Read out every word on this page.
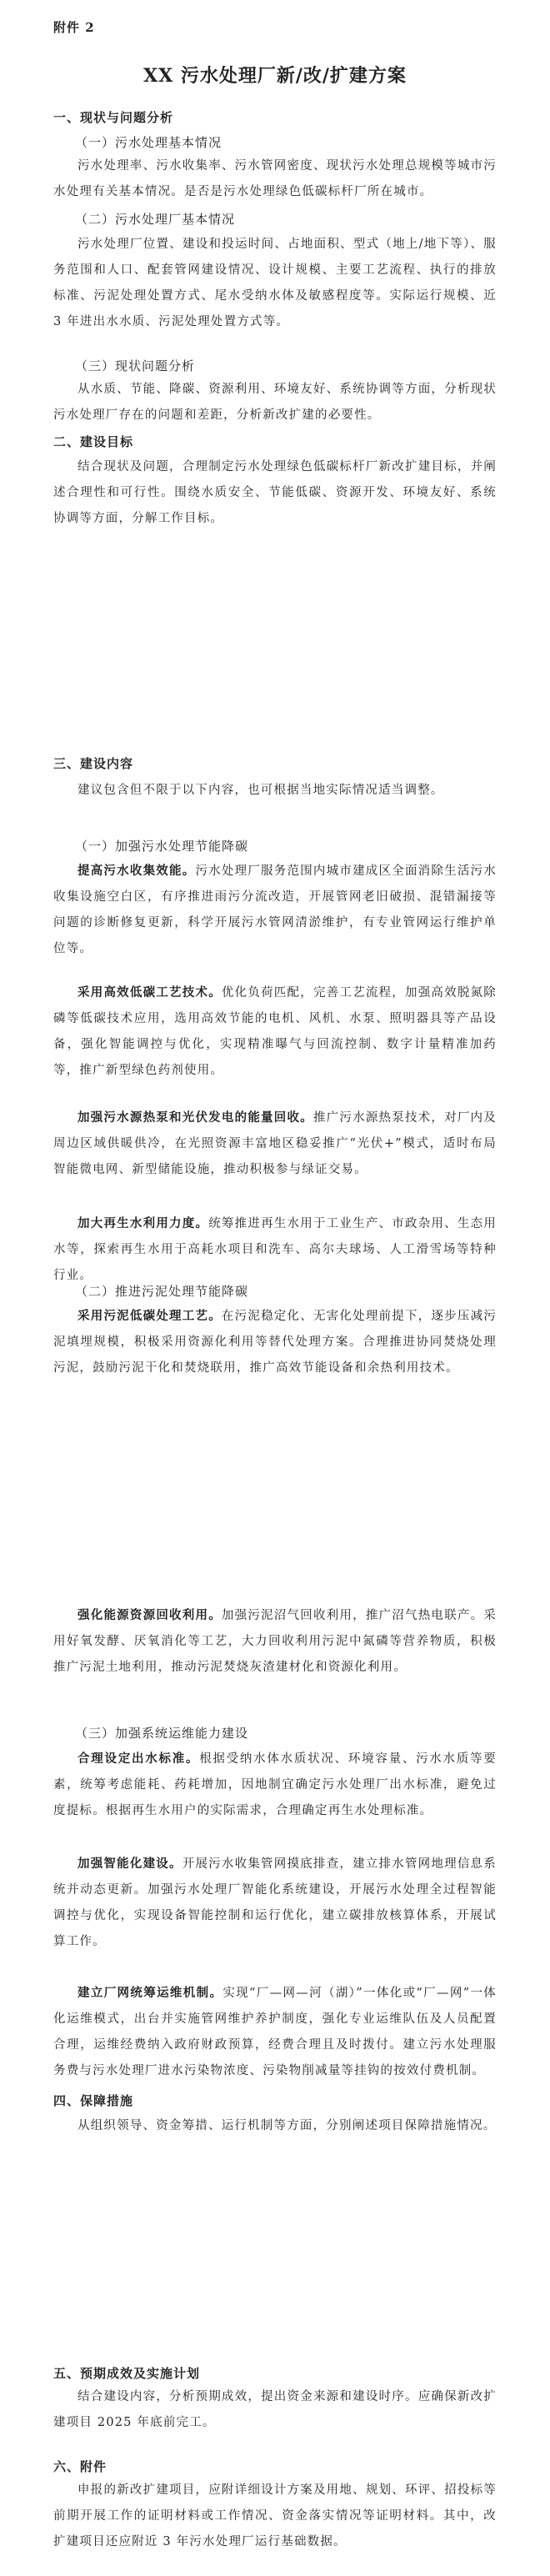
附件 2
XX 污水处理厂新/改/扩建方案
一、现状与问题分析
（一）污水处理基本情况
污水处理率、污水收集率、污水管网密度、现状污水处理总规模等城市污水处理有关基本情况。是否是污水处理绿色低碳标杆厂所在城市。
（二）污水处理厂基本情况
污水处理厂位置、建设和投运时间、占地面积、型式（地上/地下等）、服务范围和人口、配套管网建设情况、设计规模、主要工艺流程、执行的排放标准、污泥处理处置方式、尾水受纳水体及敏感程度等。实际运行规模、近 3 年进出水水质、污泥处理处置方式等。
（三）现状问题分析
从水质、节能、降碳、资源利用、环境友好、系统协调等方面，分析现状污水处理厂存在的问题和差距，分析新改扩建的必要性。
二、建设目标
结合现状及问题，合理制定污水处理绿色低碳标杆厂新改扩建目标，并阐述合理性和可行性。围绕水质安全、节能低碳、资源开发、环境友好、系统协调等方面，分解工作目标。
三、建设内容
建议包含但不限于以下内容，也可根据当地实际情况适当调整。
（一）加强污水处理节能降碳
提高污水收集效能。污水处理厂服务范围内城市建成区全面消除生活污水收集设施空白区，有序推进雨污分流改造，开展管网老旧破损、混错漏接等问题的诊断修复更新，科学开展污水管网清淤维护，有专业管网运行维护单位等。
采用高效低碳工艺技术。优化负荷匹配，完善工艺流程，加强高效脱氮除磷等低碳技术应用，选用高效节能的电机、风机、水泵、照明器具等产品设备，强化智能调控与优化，实现精准曝气与回流控制、数字计量精准加药等，推广新型绿色药剂使用。
加强污水源热泵和光伏发电的能量回收。推广污水源热泵技术，对厂内及周边区域供暖供冷，在光照资源丰富地区稳妥推广“光伏+”模式，适时布局智能微电网、新型储能设施，推动积极参与绿证交易。
加大再生水利用力度。统筹推进再生水用于工业生产、市政杂用、生态用水等，探索再生水用于高耗水项目和洗车、高尔夫球场、人工滑雪场等特种行业。
（二）推进污泥处理节能降碳
采用污泥低碳处理工艺。在污泥稳定化、无害化处理前提下，逐步压减污泥填埋规模，积极采用资源化利用等替代处理方案。合理推进协同焚烧处理污泥，鼓励污泥干化和焚烧联用，推广高效节能设备和余热利用技术。
强化能源资源回收利用。加强污泥沼气回收利用，推广沼气热电联产。采用好氧发酵、厌氧消化等工艺，大力回收利用污泥中氮磷等营养物质，积极推广污泥土地利用，推动污泥焚烧灰渣建材化和资源化利用。
（三）加强系统运维能力建设
合理设定出水标准。根据受纳水体水质状况、环境容量、污水水质等要素，统筹考虑能耗、药耗增加，因地制宜确定污水处理厂出水标准，避免过度提标。根据再生水用户的实际需求，合理确定再生水处理标准。
加强智能化建设。开展污水收集管网摸底排查，建立排水管网地理信息系统并动态更新。加强污水处理厂智能化系统建设，开展污水处理全过程智能调控与优化，实现设备智能控制和运行优化，建立碳排放核算体系，开展试算工作。
建立厂网统筹运维机制。实现“厂—网—河（湖）”一体化或“厂—网”一体化运维模式，出台并实施管网维护养护制度，强化专业运维队伍及人员配置合理，运维经费纳入政府财政预算，经费合理且及时拨付。建立污水处理服务费与污水处理厂进水污染物浓度、污染物削减量等挂钩的按效付费机制。
四、保障措施
从组织领导、资金筹措、运行机制等方面，分别阐述项目保障措施情况。
五、预期成效及实施计划
结合建设内容，分析预期成效，提出资金来源和建设时序。应确保新改扩建项目 2025 年底前完工。
六、附件
申报的新改扩建项目，应附详细设计方案及用地、规划、环评、招投标等前期开展工作的证明材料或工作情况、资金落实情况等证明材料。其中，改扩建项目还应附近 3 年污水处理厂运行基础数据。
